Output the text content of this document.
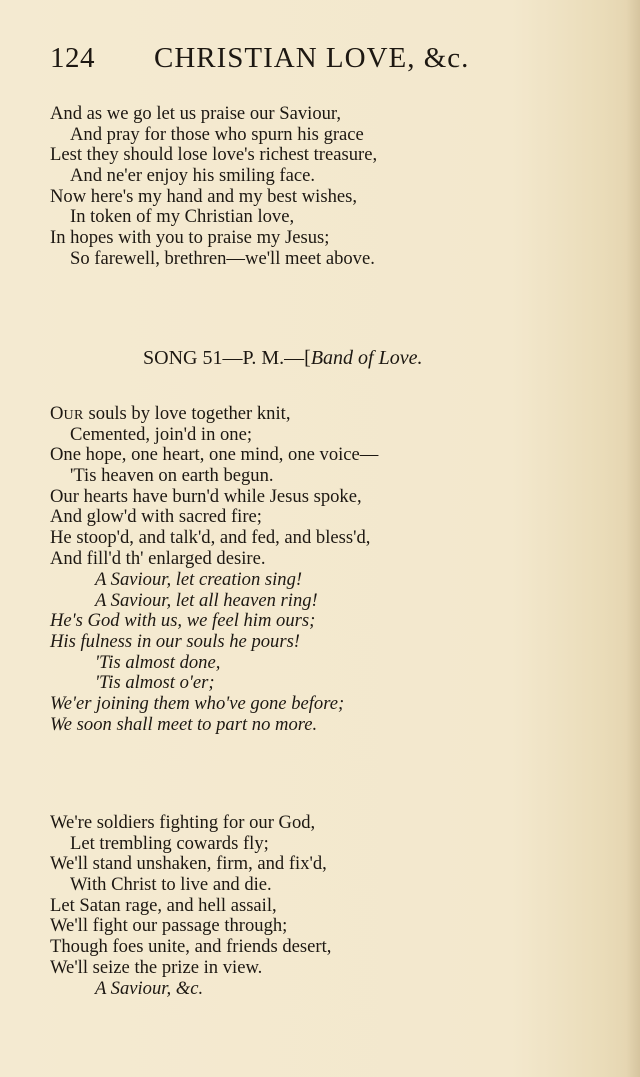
124 CHRISTIAN LOVE, &c.
And as we go let us praise our Saviour,
And pray for those who spurn his grace
Lest they should lose love's richest treasure,
And ne'er enjoy his smiling face.
Now here's my hand and my best wishes,
In token of my Christian love,
In hopes with you to praise my Jesus;
So farewell, brethren—we'll meet above.
SONG 51—P. M.—[Band of Love.
OUR souls by love together knit,
Cemented, join'd in one;
One hope, one heart, one mind, one voice—
'Tis heaven on earth begun.
Our hearts have burn'd while Jesus spoke,
And glow'd with sacred fire;
He stoop'd, and talk'd, and fed, and bless'd,
And fill'd th' enlarged desire.
A Saviour, let creation sing!
A Saviour, let all heaven ring!
He's God with us, we feel him ours;
His fulness in our souls he pours!
'Tis almost done,
'Tis almost o'er;
We'er joining them who've gone before;
We soon shall meet to part no more.
We're soldiers fighting for our God,
Let trembling cowards fly;
We'll stand unshaken, firm, and fix'd,
With Christ to live and die.
Let Satan rage, and hell assail,
We'll fight our passage through;
Though foes unite, and friends desert,
We'll seize the prize in view.
A Saviour, &c.
